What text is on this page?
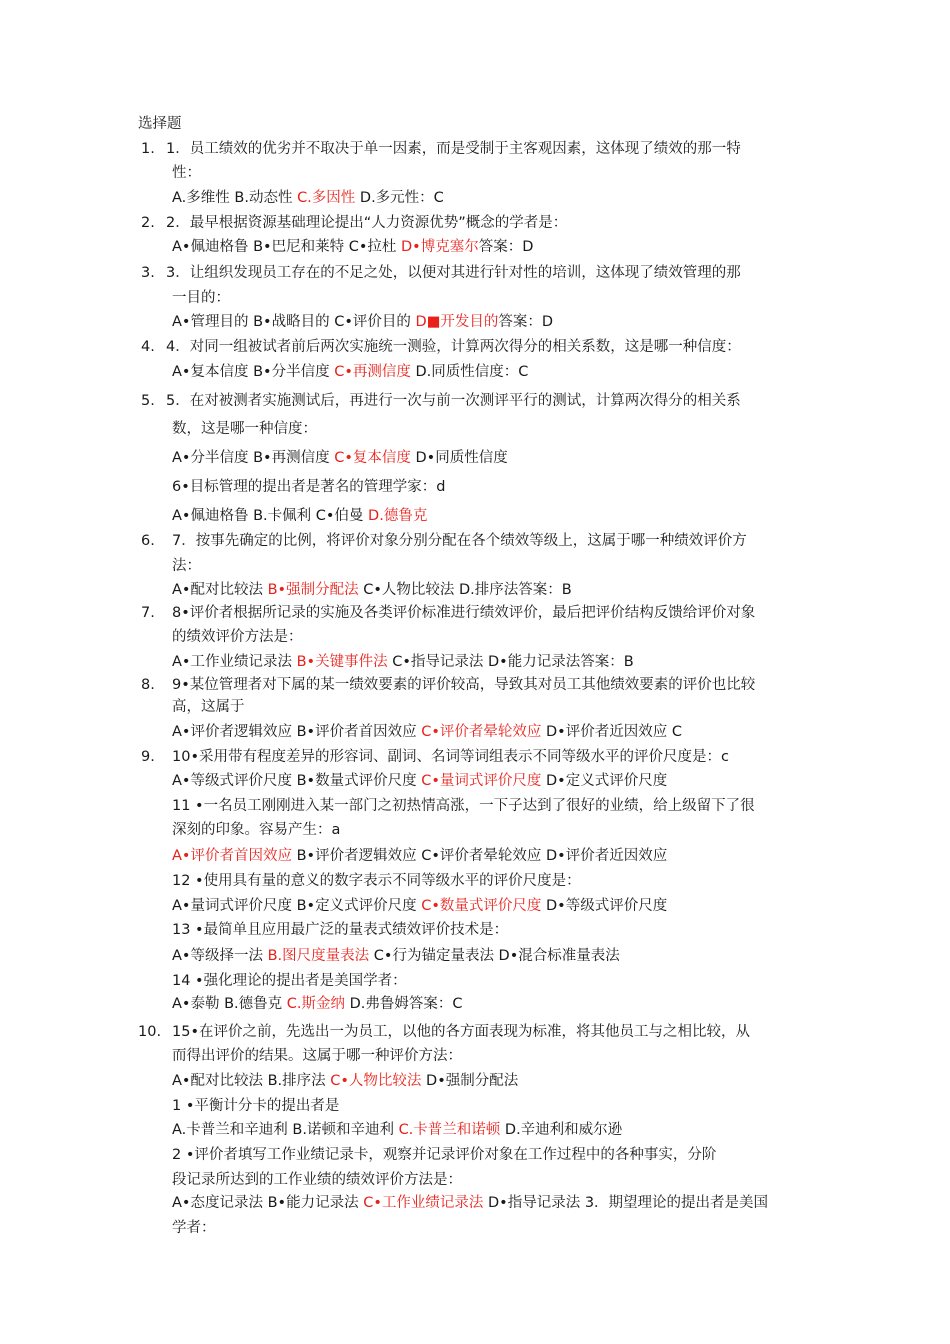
选择题
1.
2.
3.
4.
5.
6.
7.
8.
9.
10.
1．员工绩效的优劣并不取决于单一因素，而是受制于主客观因素，这体现了绩效的那一特
性：
A.多维性 B.动态性 C.多因性 D.多元性：C
2．最早根据资源基础理论提出“人力资源优势”概念的学者是：
A•佩迪格鲁 B•巴尼和莱特 C•拉杜 D•博克塞尔答案：D
3．让组织发现员工存在的不足之处，以便对其进行针对性的培训，这体现了绩效管理的那
一目的：
A•管理目的 B•战略目的 C•评价目的 D■开发目的答案：D
4．对同一组被试者前后两次实施统一测验，计算两次得分的相关系数，这是哪一种信度：
A•复本信度 B•分半信度 C•再测信度 D.同质性信度：C
5．在对被测者实施测试后，再进行一次与前一次测评平行的测试，计算两次得分的相关系
数，这是哪一种信度：
A•分半信度 B•再测信度 C•复本信度 D•同质性信度
6•目标管理的提出者是著名的管理学家：d
A•佩迪格鲁 B.卡佩利 C•伯曼 D.德鲁克
7．按事先确定的比例，将评价对象分别分配在各个绩效等级上，这属于哪一种绩效评价方
法：
A•配对比较法 B•强制分配法 C•人物比较法 D.排序法答案：B
8•评价者根据所记录的实施及各类评价标准进行绩效评价，最后把评价结构反馈给评价对象
的绩效评价方法是：
A•工作业绩记录法 B•关键事件法 C•指导记录法 D•能力记录法答案：B
9•某位管理者对下属的某一绩效要素的评价较高，导致其对员工其他绩效要素的评价也比较
高，这属于
A•评价者逻辑效应 B•评价者首因效应 C•评价者晕轮效应 D•评价者近因效应 C
10•采用带有程度差异的形容词、副词、名词等词组表示不同等级水平的评价尺度是：c
A•等级式评价尺度 B•数量式评价尺度 C•量词式评价尺度 D•定义式评价尺度
11 •一名员工刚刚进入某一部门之初热情高涨，一下子达到了很好的业绩，给上级留下了很
深刻的印象。容易产生：a
A•评价者首因效应 B•评价者逻辑效应 C•评价者晕轮效应 D•评价者近因效应
12 •使用具有量的意义的数字表示不同等级水平的评价尺度是：
A•量词式评价尺度 B•定义式评价尺度 C•数量式评价尺度 D•等级式评价尺度
13 •最简单且应用最广泛的量表式绩效评价技术是：
A•等级择一法 B.图尺度量表法 C•行为锚定量表法 D•混合标准量表法
14 •强化理论的提出者是美国学者：
A•泰勒 B.德鲁克 C.斯金纳 D.弗鲁姆答案：C
15•在评价之前，先选出一为员工，以他的各方面表现为标准，将其他员工与之相比较，从
而得出评价的结果。这属于哪一种评价方法：
A•配对比较法 B.排序法 C•人物比较法 D•强制分配法
1 •平衡计分卡的提出者是
A.卡普兰和辛迪利 B.诺顿和辛迪利 C.卡普兰和诺顿 D.辛迪利和威尔逊
2 •评价者填写工作业绩记录卡，观察并记录评价对象在工作过程中的各种事实，分阶
段记录所达到的工作业绩的绩效评价方法是：
A•态度记录法 B•能力记录法 C•工作业绩记录法 D•指导记录法 3．期望理论的提出者是美国
学者：
